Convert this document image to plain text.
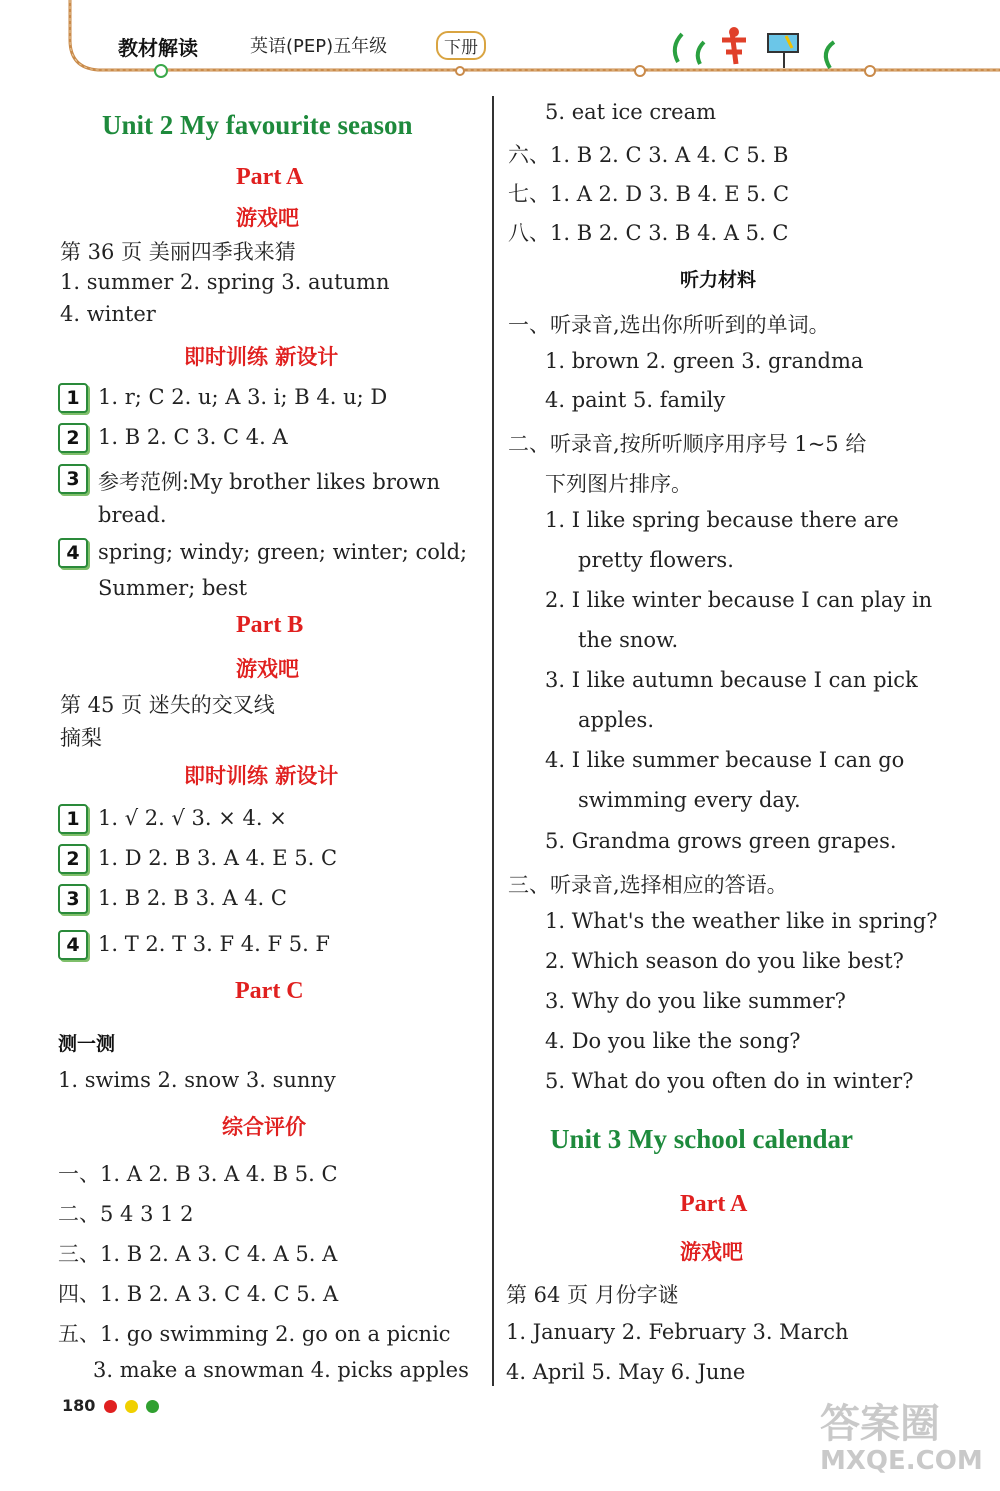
教材解读	英语(PEP)五年级	下册
Unit 2 My favourite season
Part A
游戏吧
第 36 页 美丽四季我来猜
1. summer 2. spring 3. autumn
4. winter
即时训练 新设计
1 1. r; C 2. u; A 3. i; B 4. u; D
2 1. B 2. C 3. C 4. A
3 参考范例:My brother likes brown
bread.
4 spring; windy; green; winter; cold;
Summer; best
Part B
游戏吧
第 45 页 迷失的交叉线
摘梨
即时训练 新设计
1 1. √ 2. √ 3. × 4. ×
2 1. D 2. B 3. A 4. E 5. C
3 1. B 2. B 3. A 4. C
4 1. T 2. T 3. F 4. F 5. F
Part C
测一测
1. swims 2. snow 3. sunny
综合评价
一、1. A 2. B 3. A 4. B 5. C
二、5 4 3 1 2
三、1. B 2. A 3. C 4. A 5. A
四、1. B 2. A 3. C 4. C 5. A
五、1. go swimming 2. go on a picnic
3. make a snowman 4. picks apples
180
5. eat ice cream
六、1. B 2. C 3. A 4. C 5. B
七、1. A 2. D 3. B 4. E 5. C
八、1. B 2. C 3. B 4. A 5. C
听力材料
一、听录音,选出你所听到的单词。
1. brown 2. green 3. grandma
4. paint 5. family
二、听录音,按所听顺序用序号 1~5 给
下列图片排序。
1. I like spring because there are
pretty flowers.
2. I like winter because I can play in
the snow.
3. I like autumn because I can pick
apples.
4. I like summer because I can go
swimming every day.
5. Grandma grows green grapes.
三、听录音,选择相应的答语。
1. What's the weather like in spring?
2. Which season do you like best?
3. Why do you like summer?
4. Do you like the song?
5. What do you often do in winter?
Unit 3 My school calendar
Part A
游戏吧
第 64 页 月份字谜
1. January 2. February 3. March
4. April 5. May 6. June
答案圈
MXQE.COM
